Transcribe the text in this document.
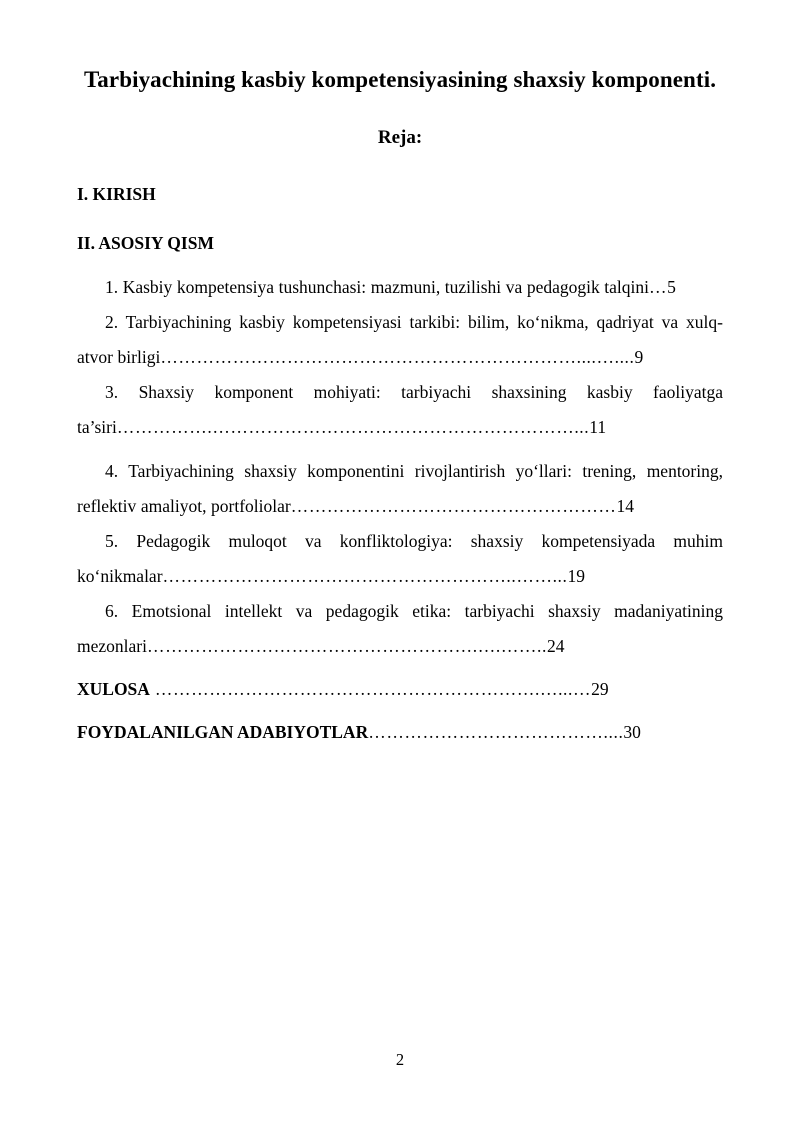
Tarbiyachining kasbiy kompetensiyasining shaxsiy komponenti.
Reja:

I. KIRISH

II. ASOSIY QISM

1. Kasbiy kompetensiya tushunchasi: mazmuni, tuzilishi va pedagogik talqini…5

2. Tarbiyachining kasbiy kompetensiyasi tarkibi: bilim, ko‘nikma, qadriyat va xulq-atvor birligi……………………………………………………………....…....9

3. Shaxsiy komponent mohiyati: tarbiyachi shaxsining kasbiy faoliyatga ta’siri…………….……………………………………………………...11

4. Tarbiyachining shaxsiy komponentini rivojlantirish yo‘llari: trening, mentoring, reflektiv amaliyot, portfoliolar………………………………………………14

5. Pedagogik muloqot va konfliktologiya: shaxsiy kompetensiyada muhim ko‘nikmalar…………………………………………………..……...19

6. Emotsional intellekt va pedagogik etika: tarbiyachi shaxsiy madaniyatining mezonlari……………………………………………….….……..24

XULOSA ……………………………………………………….…...…29

FOYDALANILGAN ADABIYOTLAR…………………………………....30

2
